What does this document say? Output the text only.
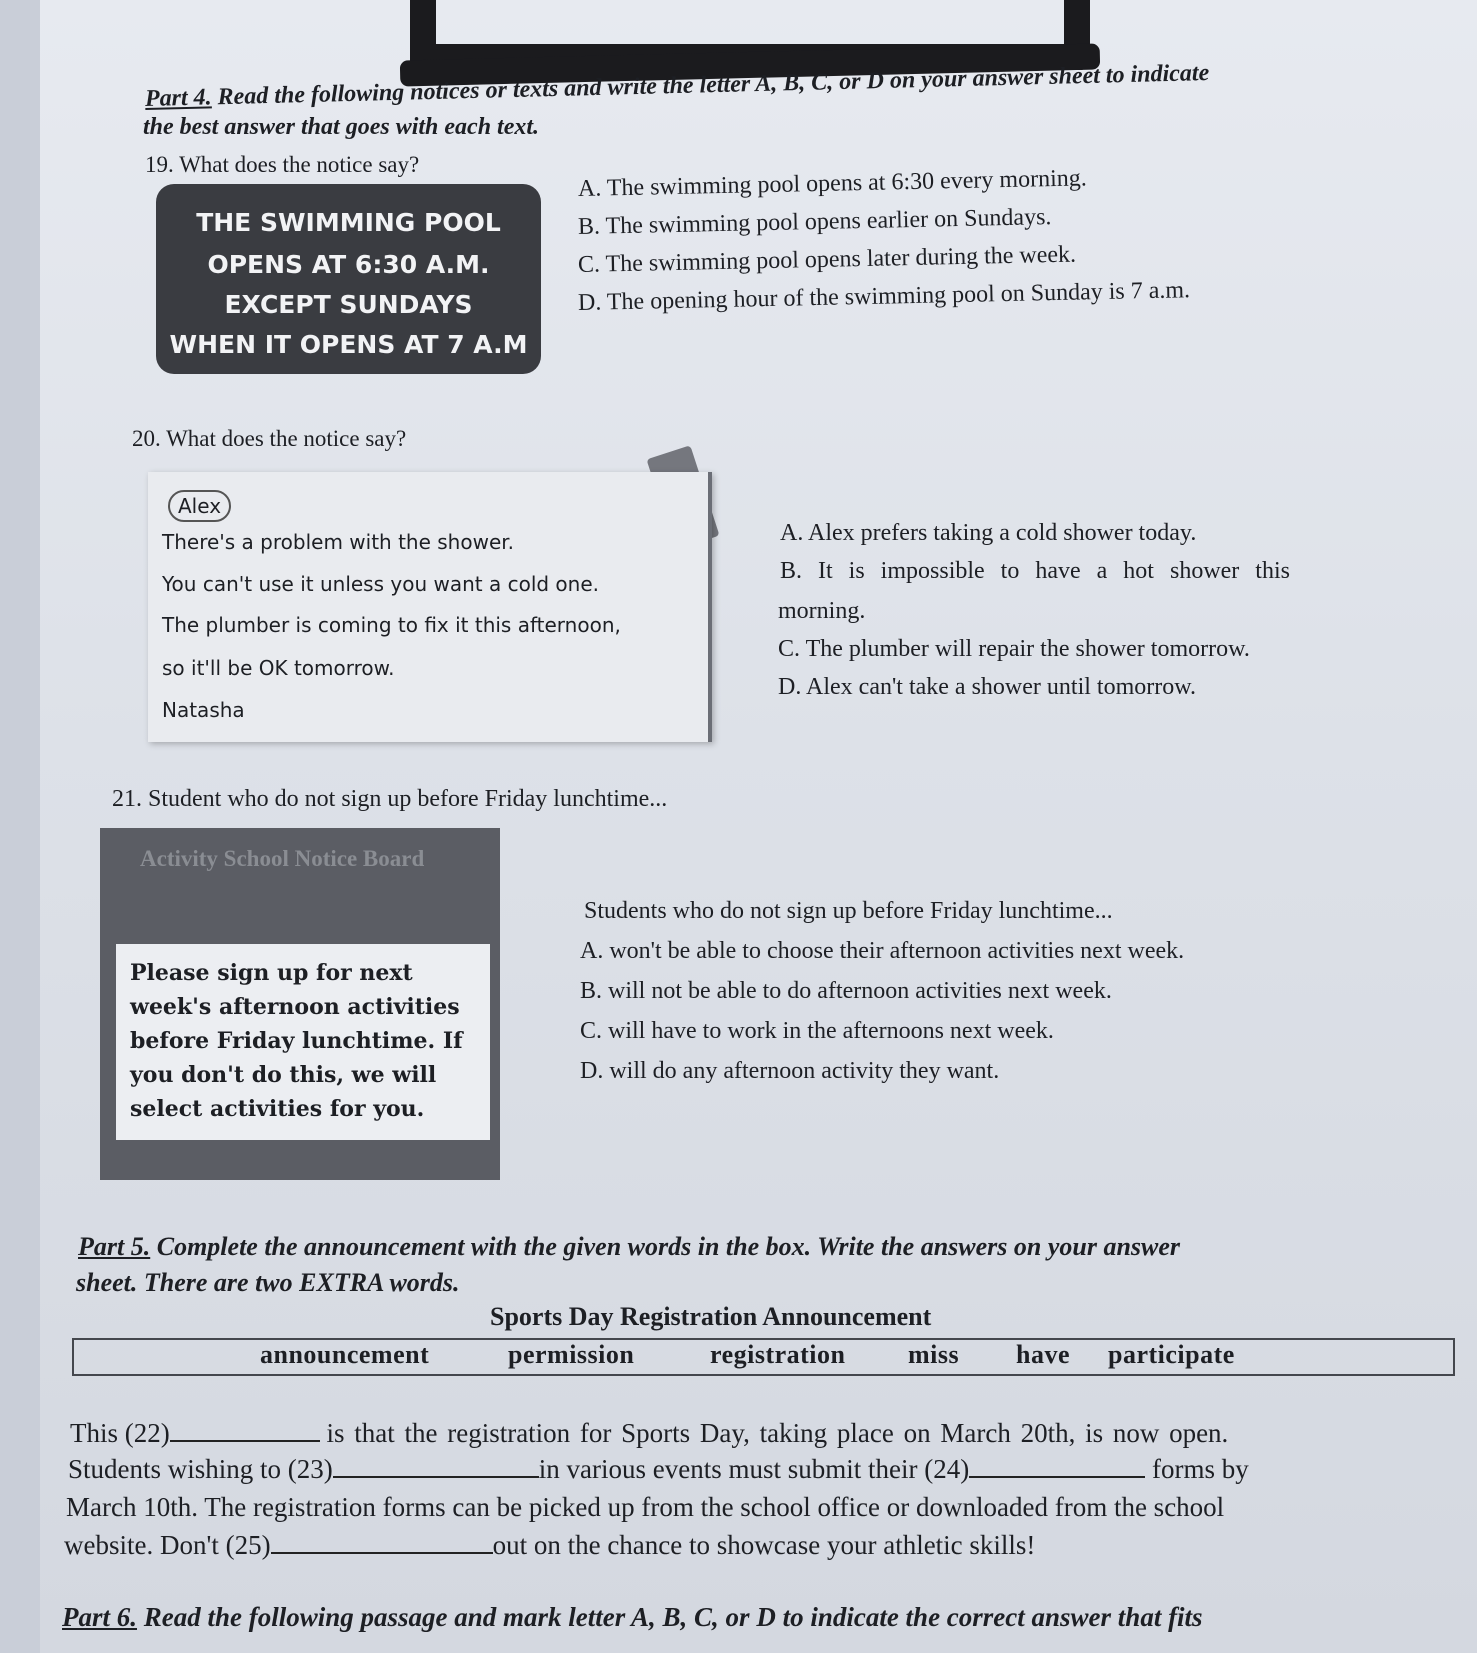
Part 4. Read the following notices or texts and write the letter A, B, C, or D on your answer sheet to indicate
the best answer that goes with each text.
19. What does the notice say?
THE SWIMMING POOL
OPENS AT 6:30 A.M.
EXCEPT SUNDAYS
WHEN IT OPENS AT 7 A.M
A. The swimming pool opens at 6:30 every morning.
B. The swimming pool opens earlier on Sundays.
C. The swimming pool opens later during the week.
D. The opening hour of the swimming pool on Sunday is 7 a.m.
20. What does the notice say?
Alex
There's a problem with the shower.
You can't use it unless you want a cold one.
The plumber is coming to fix it this afternoon,
so it'll be OK tomorrow.
Natasha
A. Alex prefers taking a cold shower today.
B. It is impossible to have a hot shower this
morning.
C. The plumber will repair the shower tomorrow.
D. Alex can't take a shower until tomorrow.
21. Student who do not sign up before Friday lunchtime...
Activity School Notice Board
Please sign up for next
week's afternoon activities
before Friday lunchtime. If
you don't do this, we will
select activities for you.
Students who do not sign up before Friday lunchtime...
A. won't be able to choose their afternoon activities next week.
B. will not be able to do afternoon activities next week.
C. will have to work in the afternoons next week.
D. will do any afternoon activity they want.
Part 5. Complete the announcement with the given words in the box. Write the answers on your answer
sheet. There are two EXTRA words.
Sports Day Registration Announcement
announcement	permission	registration miss have participate
This (22)	is that the registration for Sports Day, taking place on March 20th, is now open.
Students wishing to (23)	in various events must submit their (24)	forms by
March 10th. The registration forms can be picked up from the school office or downloaded from the school
website. Don't (25)	out on the chance to showcase your athletic skills!
Part 6. Read the following passage and mark letter A, B, C, or D to indicate the correct answer that fits
